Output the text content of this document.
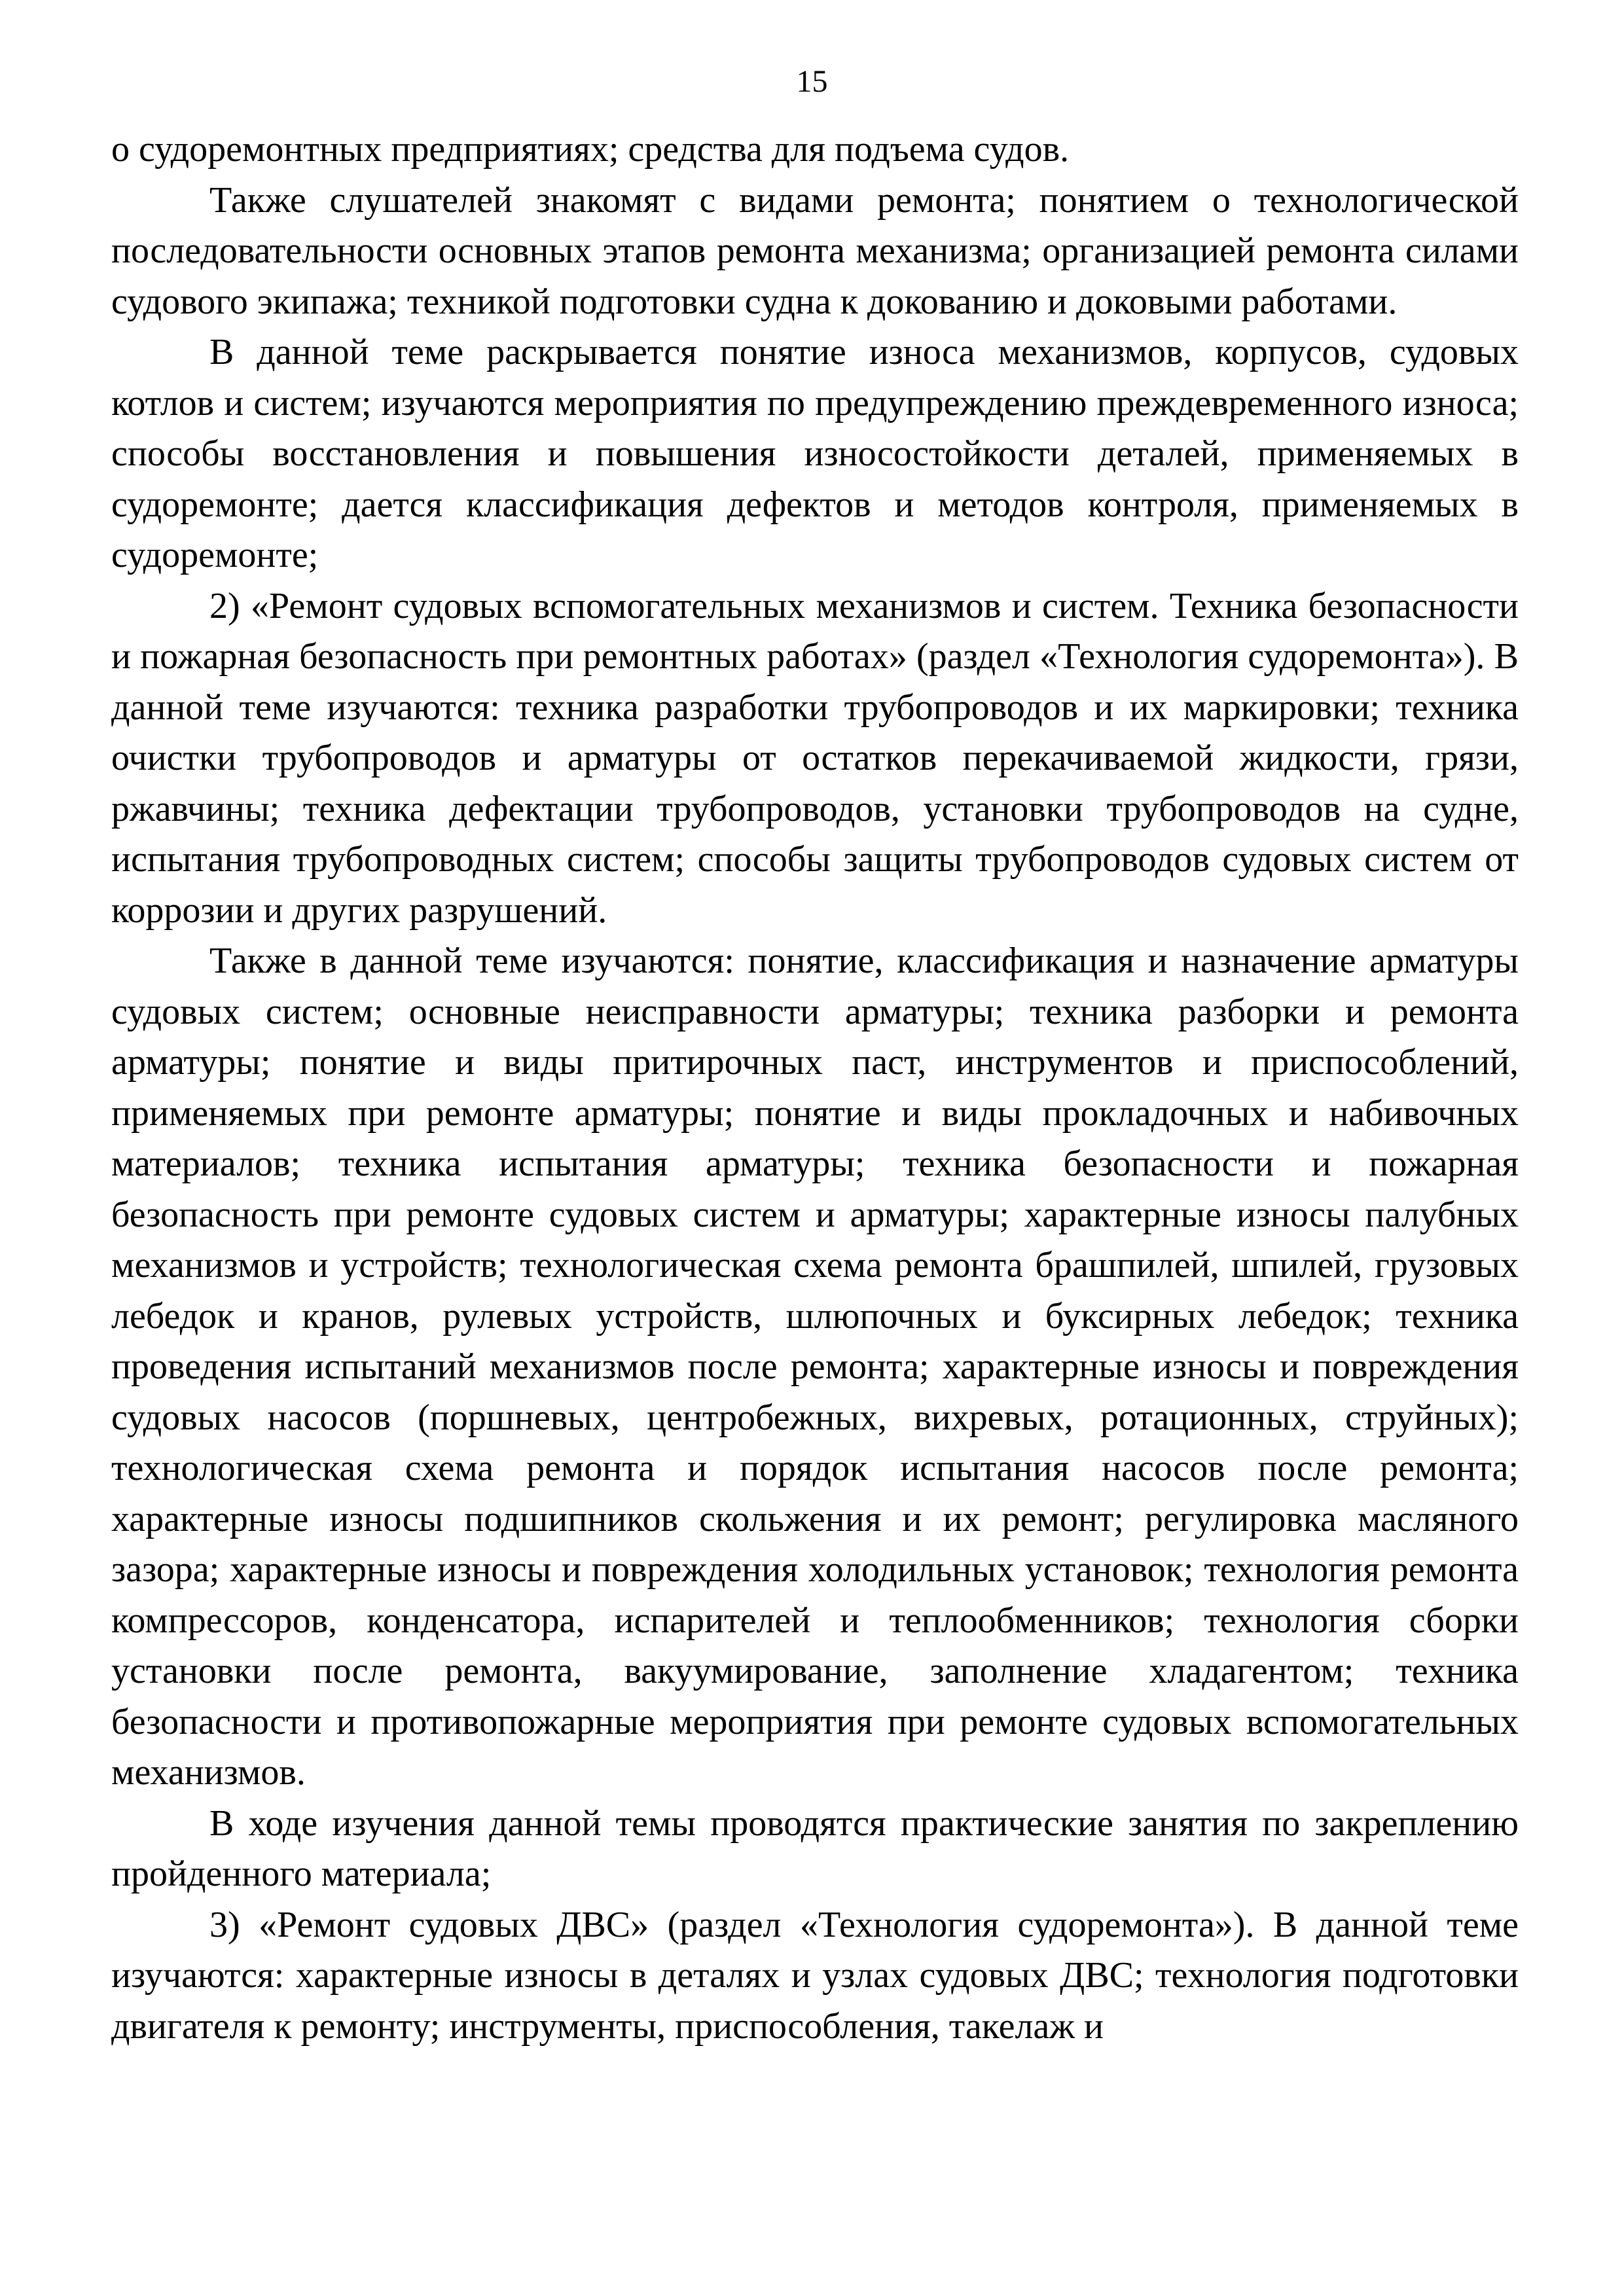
15

о судоремонтных предприятиях; средства для подъема судов.

Также слушателей знакомят с видами ремонта; понятием о технологической последовательности основных этапов ремонта механизма; организацией ремонта силами судового экипажа; техникой подготовки судна к докованию и доковыми работами.

В данной теме раскрывается понятие износа механизмов, корпусов, судовых котлов и систем; изучаются мероприятия по предупреждению преждевременного износа; способы восстановления и повышения износостойкости деталей, применяемых в судоремонте; дается классификация дефектов и методов контроля, применяемых в судоремонте;

2) «Ремонт судовых вспомогательных механизмов и систем. Техника безопасности и пожарная безопасность при ремонтных работах» (раздел «Технология судоремонта»). В данной теме изучаются: техника разработки трубопроводов и их маркировки; техника очистки трубопроводов и арматуры от остатков перекачиваемой жидкости, грязи, ржавчины; техника дефектации трубопроводов, установки трубопроводов на судне, испытания трубопроводных систем; способы защиты трубопроводов судовых систем от коррозии и других разрушений.

Также в данной теме изучаются: понятие, классификация и назначение арматуры судовых систем; основные неисправности арматуры; техника разборки и ремонта арматуры; понятие и виды притирочных паст, инструментов и приспособлений, применяемых при ремонте арматуры; понятие и виды прокладочных и набивочных материалов; техника испытания арматуры; техника безопасности и пожарная безопасность при ремонте судовых систем и арматуры; характерные износы палубных механизмов и устройств; технологическая схема ремонта брашпилей, шпилей, грузовых лебедок и кранов, рулевых устройств, шлюпочных и буксирных лебедок; техника проведения испытаний механизмов после ремонта; характерные износы и повреждения судовых насосов (поршневых, центробежных, вихревых, ротационных, струйных); технологическая схема ремонта и порядок испытания насосов после ремонта; характерные износы подшипников скольжения и их ремонт; регулировка масляного зазора; характерные износы и повреждения холодильных установок; технология ремонта компрессоров, конденсатора, испарителей и теплообменников; технология сборки установки после ремонта, вакуумирование, заполнение хладагентом; техника безопасности и противопожарные мероприятия при ремонте судовых вспомогательных механизмов.

В ходе изучения данной темы проводятся практические занятия по закреплению пройденного материала;

3) «Ремонт судовых ДВС» (раздел «Технология судоремонта»). В данной теме изучаются: характерные износы в деталях и узлах судовых ДВС; технология подготовки двигателя к ремонту; инструменты, приспособления, такелаж и
